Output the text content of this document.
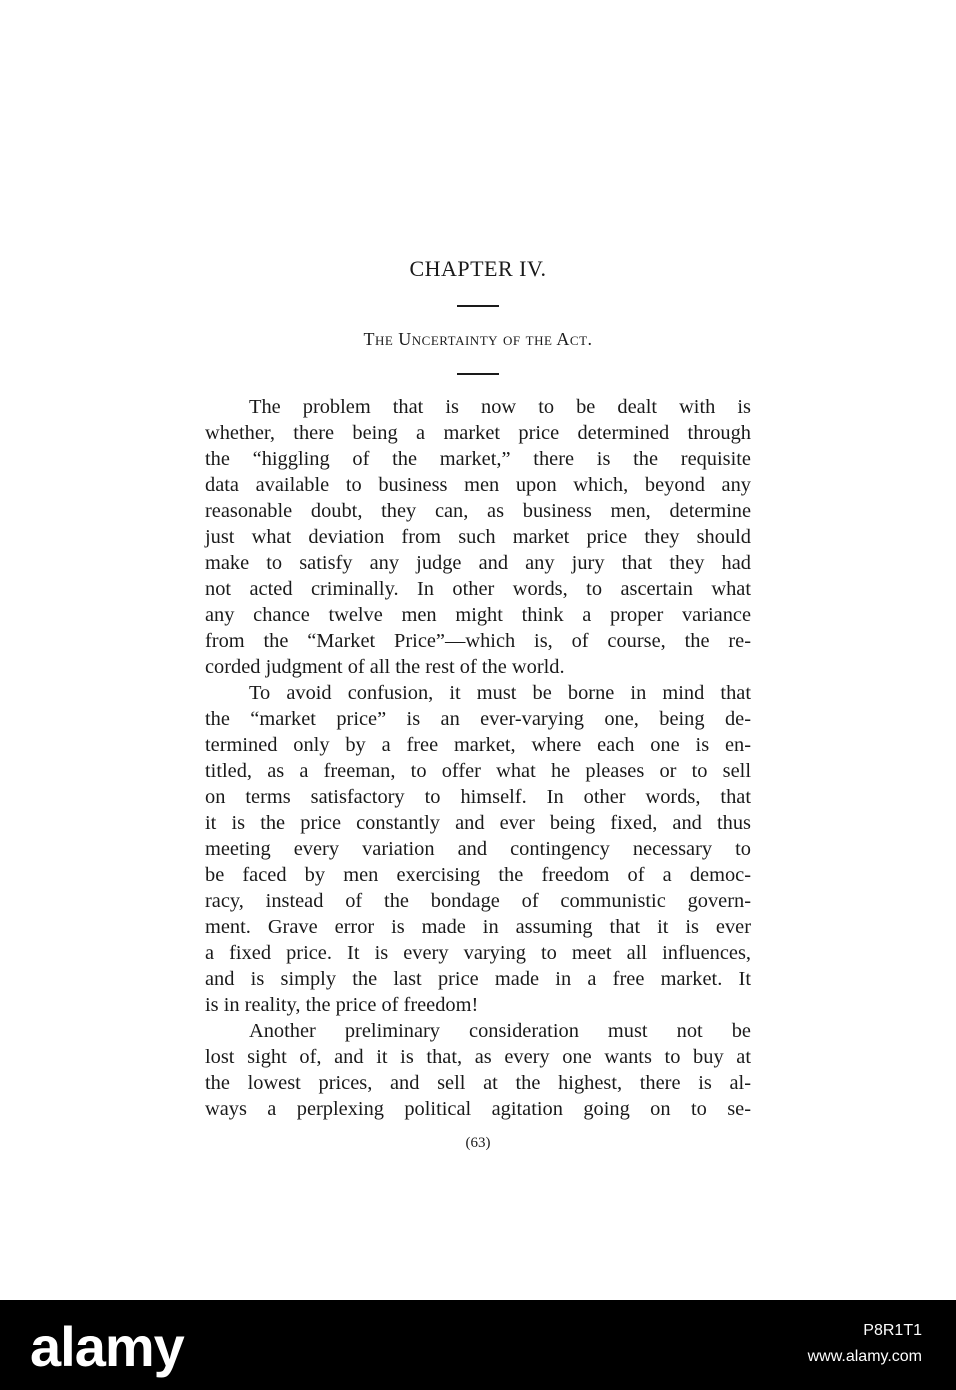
CHAPTER IV.
The Uncertainty of the Act.
The problem that is now to be dealt with is
whether, there being a market price determined through
the “higgling of the market,” there is the requisite
data available to business men upon which, beyond any
reasonable doubt, they can, as business men, determine
just what deviation from such market price they should
make to satisfy any judge and any jury that they had
not acted criminally. In other words, to ascertain what
any chance twelve men might think a proper variance
from the “Market Price”—which is, of course, the re-
corded judgment of all the rest of the world.
To avoid confusion, it must be borne in mind that
the “market price” is an ever-varying one, being de-
termined only by a free market, where each one is en-
titled, as a freeman, to offer what he pleases or to sell
on terms satisfactory to himself. In other words, that
it is the price constantly and ever being fixed, and thus
meeting every variation and contingency necessary to
be faced by men exercising the freedom of a democ-
racy, instead of the bondage of communistic govern-
ment. Grave error is made in assuming that it is ever
a fixed price. It is every varying to meet all influences,
and is simply the last price made in a free market. It
is in reality, the price of freedom!
Another preliminary consideration must not be
lost sight of, and it is that, as every one wants to buy at
the lowest prices, and sell at the highest, there is al-
ways a perplexing political agitation going on to se-
(63)
alamy	P8R1T1
www.alamy.com
